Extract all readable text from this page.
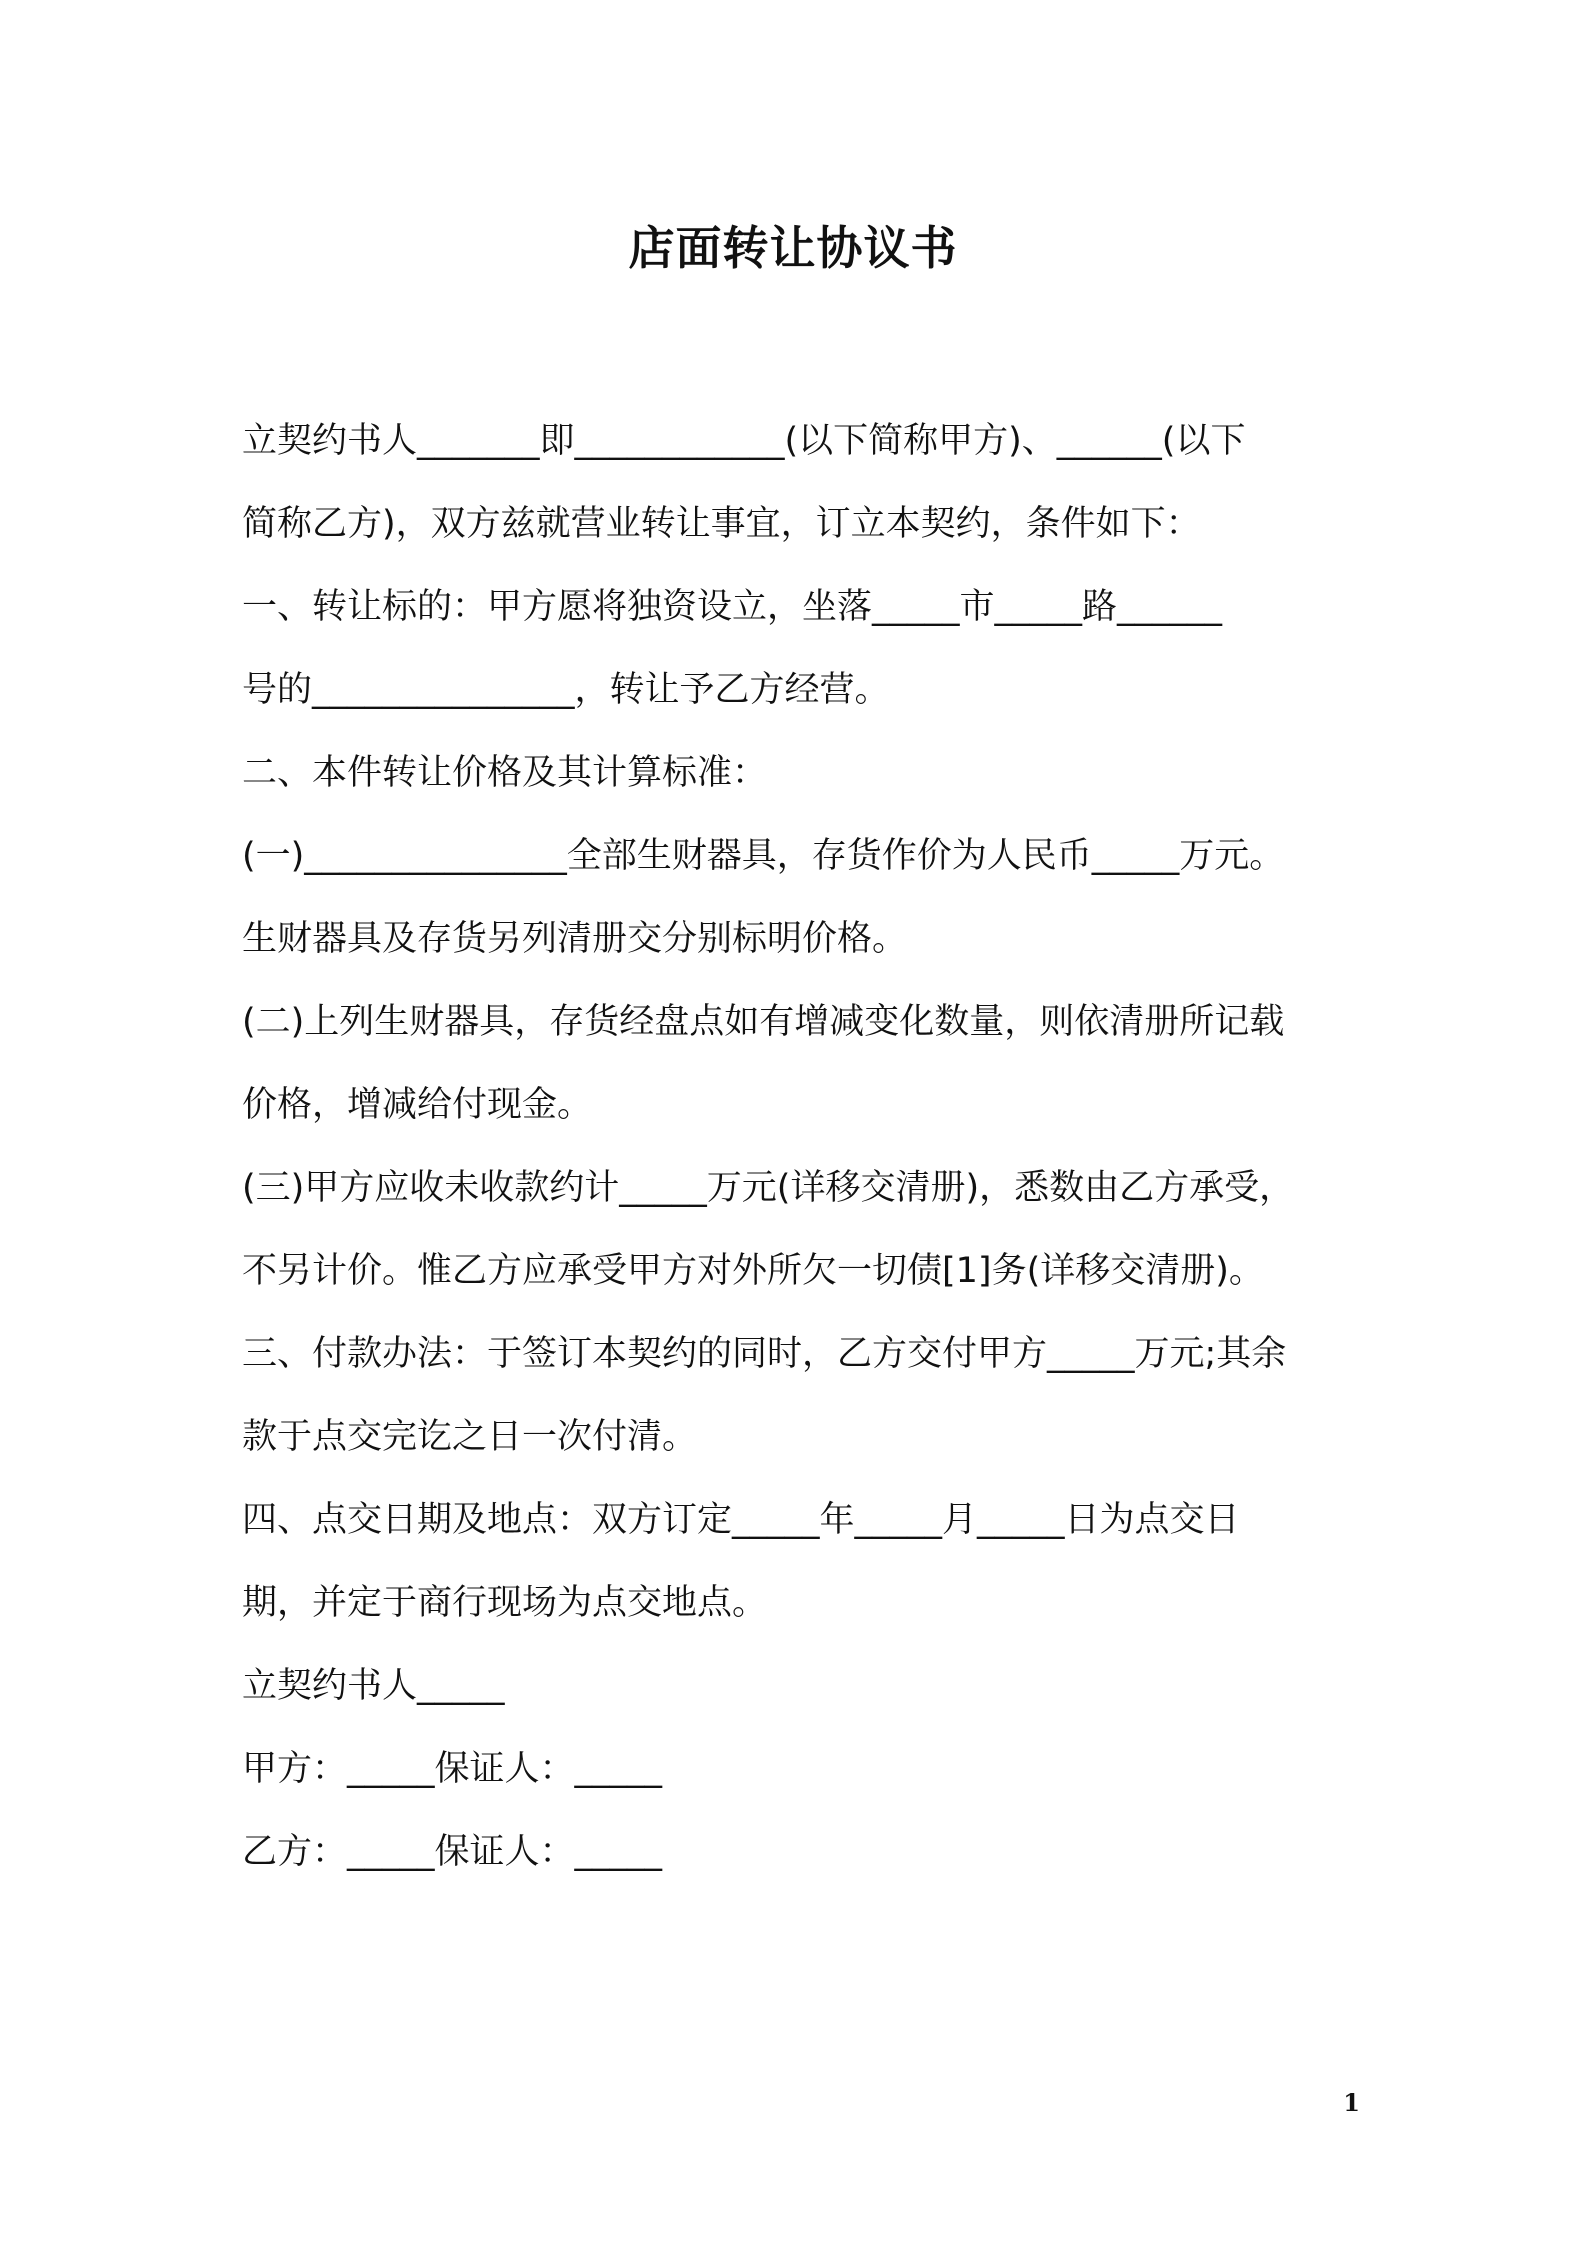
店面转让协议书
立契约书人_______即____________(以下简称甲方)、______(以下
简称乙方)，双方兹就营业转让事宜，订立本契约，条件如下：
一、转让标的：甲方愿将独资设立，坐落_____市_____路______
号的_______________，转让予乙方经营。
二、本件转让价格及其计算标准：
(一)_______________全部生财器具，存货作价为人民币_____万元。
生财器具及存货另列清册交分别标明价格。
(二)上列生财器具，存货经盘点如有增减变化数量，则依清册所记载
价格，增减给付现金。
(三)甲方应收未收款约计_____万元(详移交清册)，悉数由乙方承受，
不另计价。惟乙方应承受甲方对外所欠一切债[1]务(详移交清册)。
三、付款办法：于签订本契约的同时，乙方交付甲方_____万元;其余
款于点交完讫之日一次付清。
四、点交日期及地点：双方订定_____年_____月_____日为点交日
期，并定于商行现场为点交地点。
立契约书人_____
甲方：_____保证人：_____
乙方：_____保证人：_____
1
